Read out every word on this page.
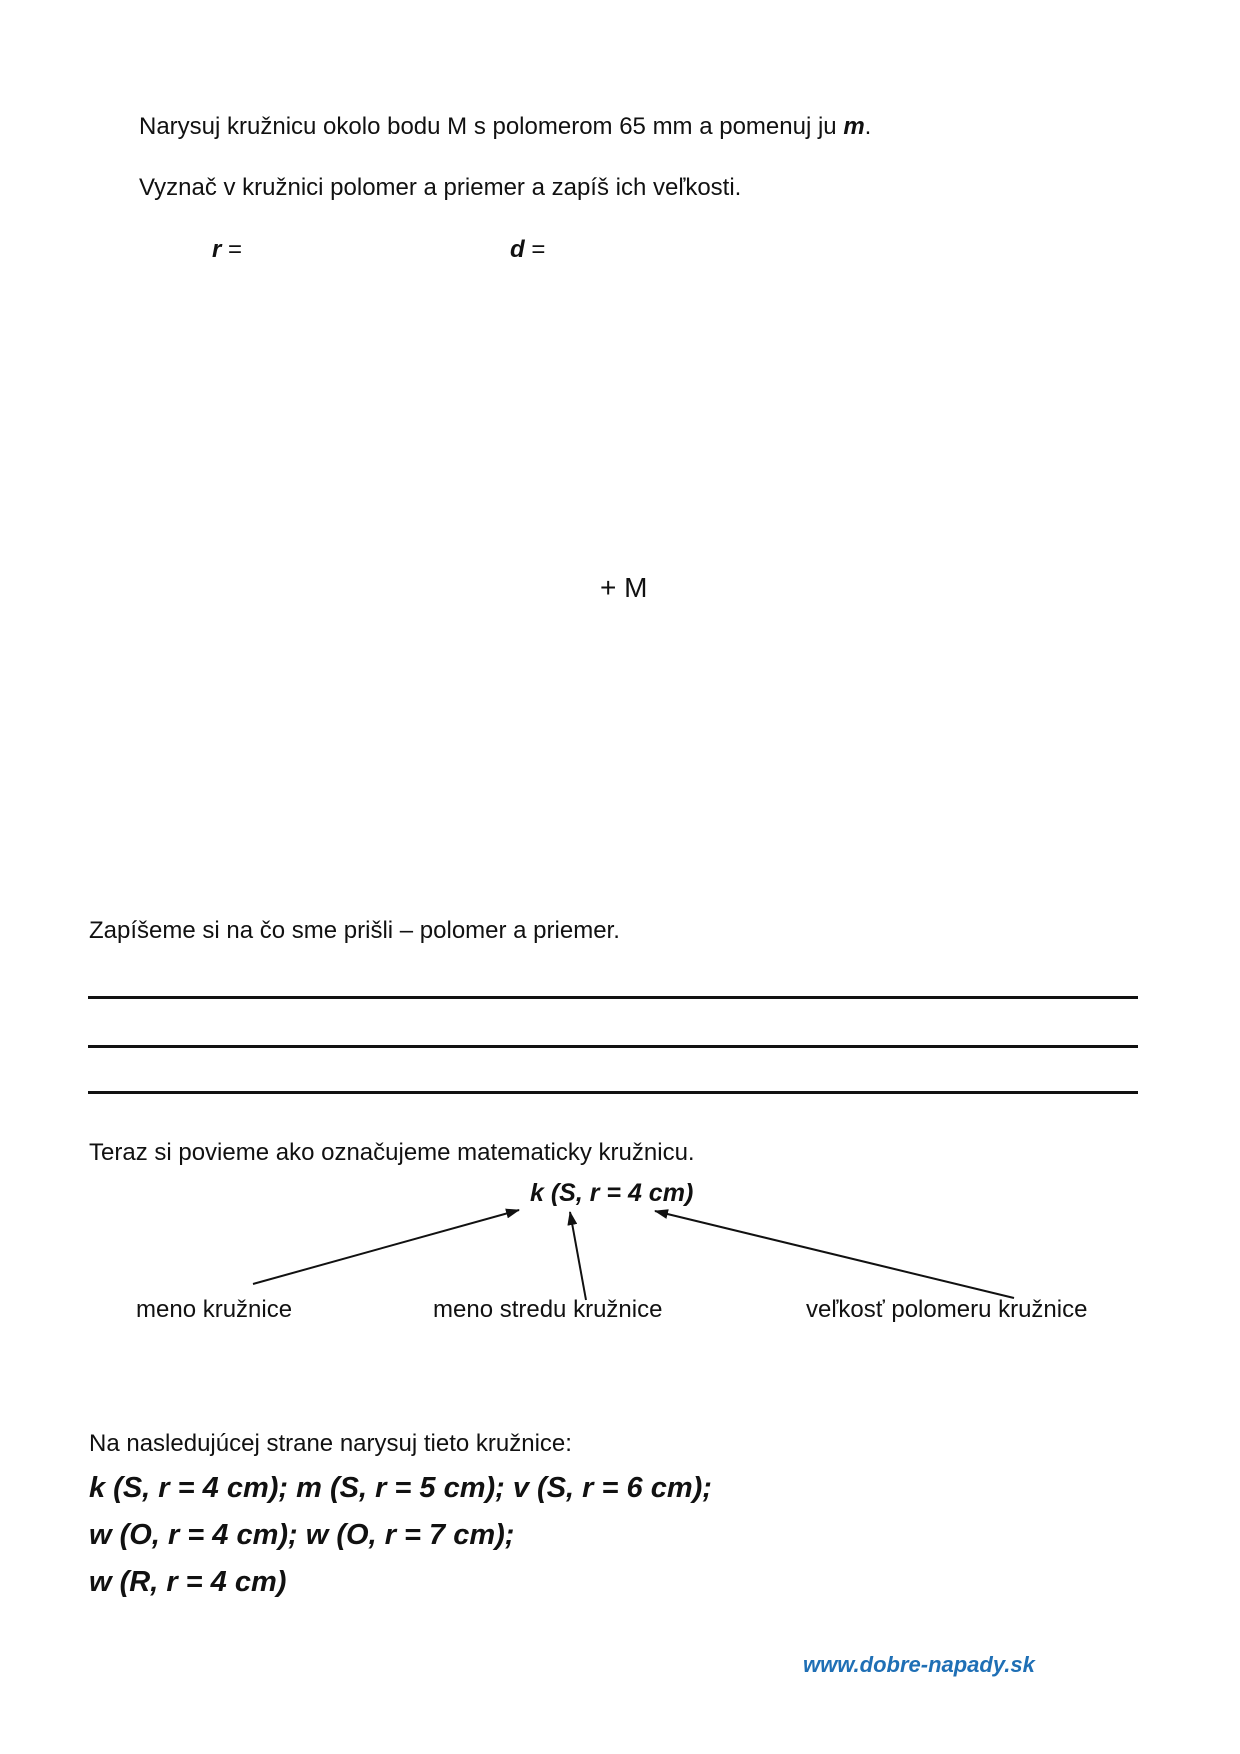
Narysuj kružnicu okolo bodu M s polomerom 65 mm a pomenuj ju m.
Vyznač v kružnici polomer a priemer a zapíš ich veľkosti.
r =	d =
+ M
Zapíšeme si na čo sme prišli – polomer a priemer.
Teraz si povieme ako označujeme matematicky kružnicu.
k (S, r = 4 cm)
meno kružnice	meno stredu kružnice	veľkosť polomeru kružnice
Na nasledujúcej strane narysuj tieto kružnice:
k (S, r = 4 cm); m (S, r = 5 cm); v (S, r = 6 cm);
w (O, r = 4 cm); w (O, r = 7 cm);
w (R, r = 4 cm)
www.dobre-napady.sk
